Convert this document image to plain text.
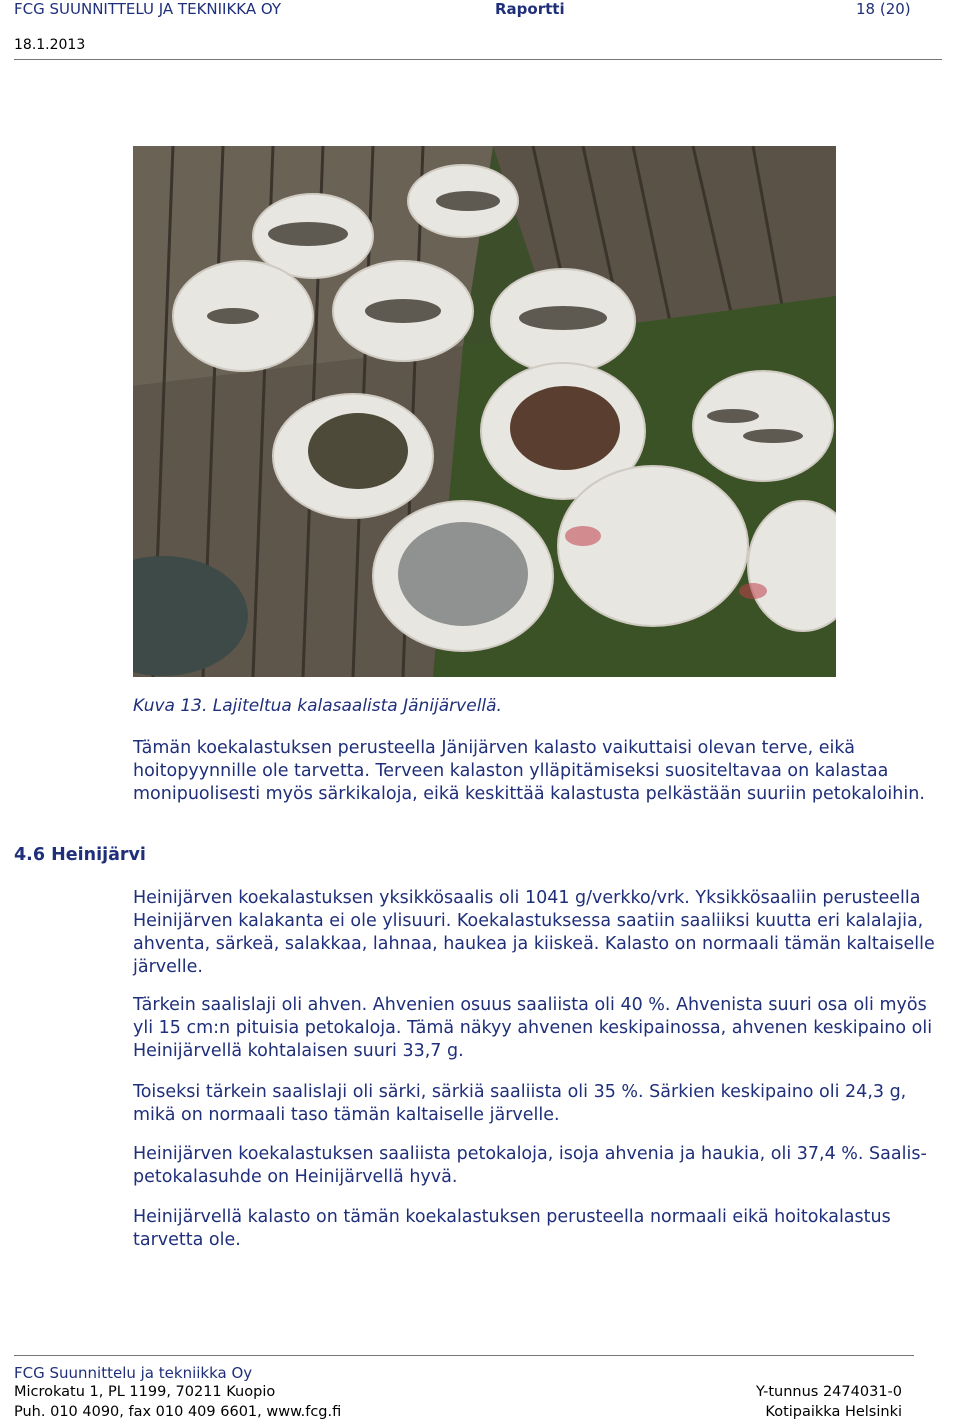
FCG SUUNNITTELU JA TEKNIIKKA OY	Raportti	18 (20)
18.1.2013
Kuva 13. Lajiteltua kalasaalista Jänijärvellä.

Tämän koekalastuksen perusteella Jänijärven kalasto vaikuttaisi olevan terve, eikä hoitopyynnille ole tarvetta. Terveen kalaston ylläpitämiseksi suositeltavaa on kalastaa monipuolisesti myös särkikaloja, eikä keskittää kalastusta pelkästään suuriin petokaloihin.

4.6 Heinijärvi

Heinijärven koekalastuksen yksikkösaalis oli 1041 g/verkko/vrk. Yksikkösaaliin perusteella Heinijärven kalakanta ei ole ylisuuri. Koekalastuksessa saatiin saaliiksi kuutta eri kalalajia, ahventa, särkeä, salakkaa, lahnaa, haukea ja kiiskeä. Kalasto on normaali tämän kaltaiselle järvelle.

Tärkein saalislaji oli ahven. Ahvenien osuus saaliista oli 40 %. Ahvenista suuri osa oli myös yli 15 cm:n pituisia petokaloja. Tämä näkyy ahvenen keskipainossa, ahvenen keskipaino oli Heinijärvellä kohtalaisen suuri 33,7 g.

Toiseksi tärkein saalislaji oli särki, särkiä saaliista oli 35 %. Särkien keskipaino oli 24,3 g, mikä on normaali taso tämän kaltaiselle järvelle.

Heinijärven koekalastuksen saaliista petokaloja, isoja ahvenia ja haukia, oli 37,4 %. Saalis-petokalasuhde on Heinijärvellä hyvä.

Heinijärvellä kalasto on tämän koekalastuksen perusteella normaali eikä hoitokalastus tarvetta ole.

FCG Suunnittelu ja tekniikka Oy
Microkatu 1, PL 1199, 70211 Kuopio
Puh. 010 4090, fax 010 409 6601, www.fcg.fi
Y-tunnus 2474031-0
Kotipaikka Helsinki
